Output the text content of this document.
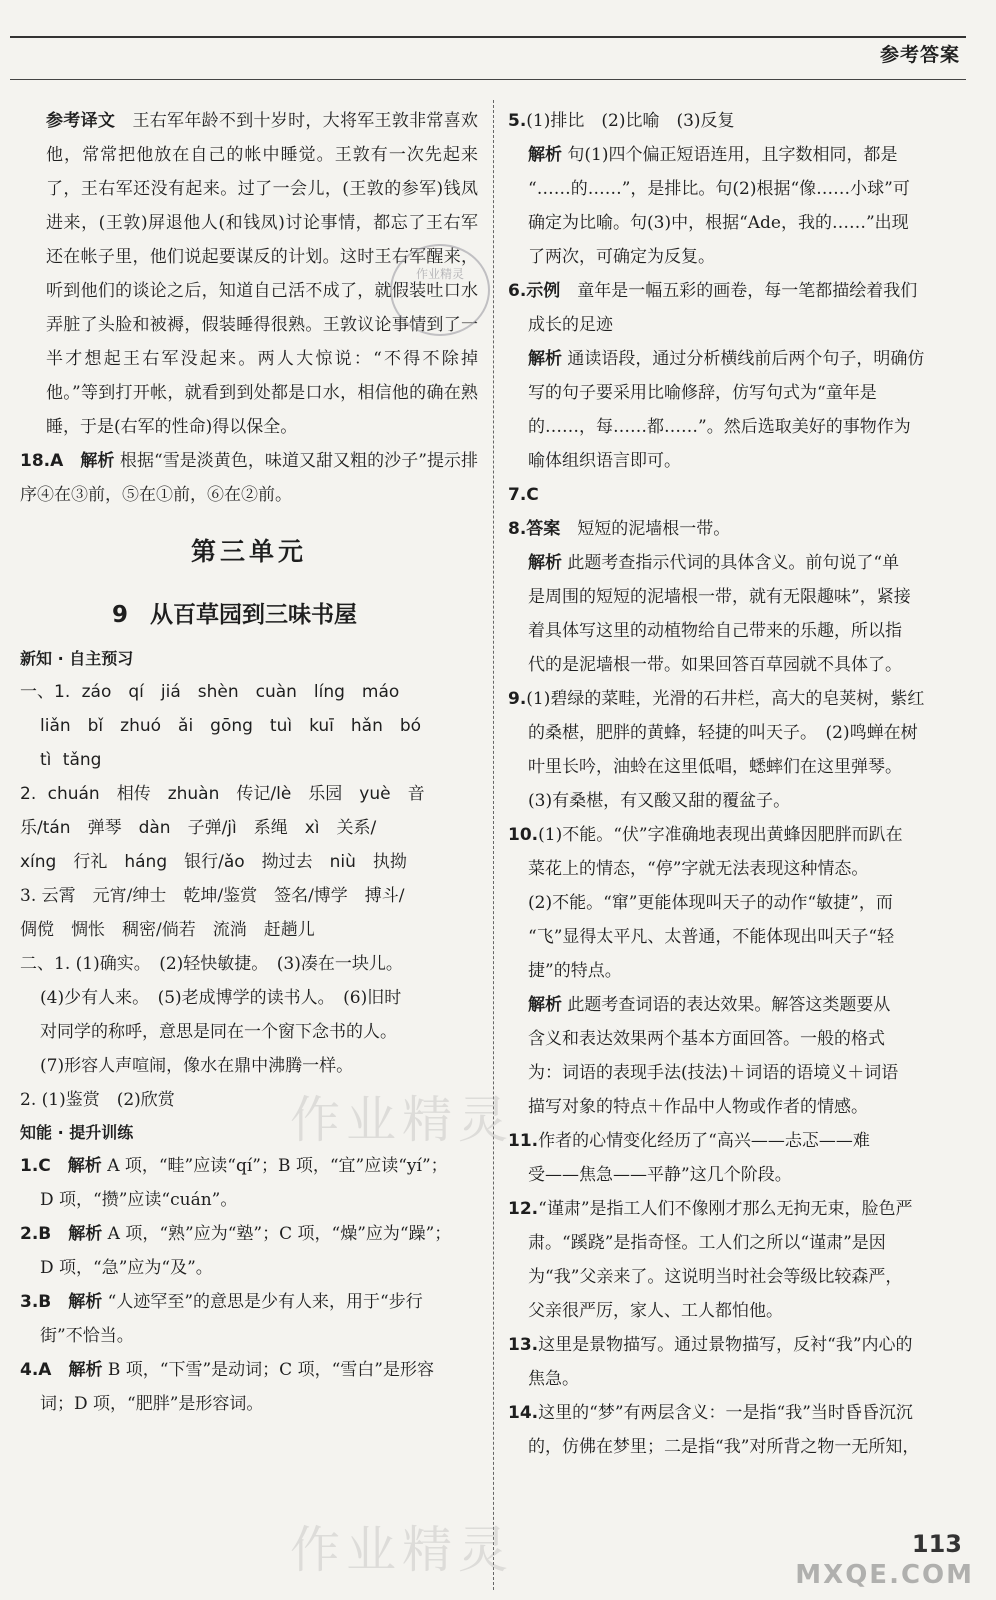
参考答案

参考译文　 王右军年龄不到十岁时，大将军王敦非常喜欢他，常常把他放在自己的帐中睡觉。王敦有一次先起来了，王右军还没有起来。过了一会儿，(王敦的参军)钱凤进来，(王敦)屏退他人(和钱凤)讨论事情，都忘了王右军还在帐子里，他们说起要谋反的计划。这时王右军醒来，听到他们的谈论之后，知道自己活不成了，就假装吐口水弄脏了头脸和被褥，假装睡得很熟。王敦议论事情到了一半才想起王右军没起来。两人大惊说：“不得不除掉他。”等到打开帐，就看到到处都是口水，相信他的确在熟睡，于是(右军的性命)得以保全。

18.A　 解析 根据“雪是淡黄色，味道又甜又粗的沙子”提示排序④在③前，⑤在①前，⑥在②前。

第三单元
9 从百草园到三味书屋
新知 · 自主预习
一、1. záo　qí　jiá　shèn　cuàn　líng　máo
liǎn　bǐ　zhuó　ǎi　gōng　tuì　kuī　hǎn　bó
tì tǎng
2. chuán　相传　zhuàn　传记/lè　乐园　yuè　音
乐/tán　弹琴　dàn　子弹/jì　系绳　xì　关系/
xíng　行礼　háng　银行/ǎo　拗过去　niù　执拗
3. 云霄　元宵/绅士　乾坤/鉴赏　签名/博学　搏斗/
倜傥　惆怅　稠密/倘若　流淌　赶趟儿
二、1. (1)确实。　(2)轻快敏捷。　(3)凑在一块儿。
(4)少有人来。　(5)老成博学的读书人。　(6)旧时
对同学的称呼，意思是同在一个窗下念书的人。
(7)形容人声喧闹，像水在鼎中沸腾一样。
2. (1)鉴赏　(2)欣赏
知能 · 提升训练
1.C　 解析 A 项，“畦”应读“qí”；B 项，“宜”应读“yí”；
D 项，“攒”应读“cuán”。
2.B　 解析 A 项，“熟”应为“塾”；C 项，“燥”应为“躁”；
D 项，“急”应为“及”。
3.B　 解析 “人迹罕至”的意思是少有人来，用于“步行
街”不恰当。
4.A　 解析 B 项，“下雪”是动词；C 项，“雪白”是形容
词；D 项，“肥胖”是形容词。
5.(1)排比　(2)比喻　(3)反复
解析 句(1)四个偏正短语连用，且字数相同，都是
“……的……”，是排比。句(2)根据“像……小球”可
确定为比喻。句(3)中，根据“Ade，我的……”出现
了两次，可确定为反复。
6.示例　 童年是一幅五彩的画卷，每一笔都描绘着我们
成长的足迹
解析 通读语段，通过分析横线前后两个句子，明确仿
写的句子要采用比喻修辞，仿写句式为“童年是
的……，每……都……”。然后选取美好的事物作为
喻体组织语言即可。
7.C
8.答案　 短短的泥墙根一带。
解析 此题考查指示代词的具体含义。前句说了“单
是周围的短短的泥墙根一带，就有无限趣味”，紧接
着具体写这里的动植物给自己带来的乐趣，所以指
代的是泥墙根一带。如果回答百草园就不具体了。
9.(1)碧绿的菜畦，光滑的石井栏，高大的皂荚树，紫红
的桑椹，肥胖的黄蜂，轻捷的叫天子。　(2)鸣蝉在树
叶里长吟，油蛉在这里低唱，蟋蟀们在这里弹琴。
(3)有桑椹，有又酸又甜的覆盆子。
10.(1)不能。“伏”字准确地表现出黄蜂因肥胖而趴在
菜花上的情态，“停”字就无法表现这种情态。
(2)不能。“窜”更能体现叫天子的动作“敏捷”，而
“飞”显得太平凡、太普通，不能体现出叫天子“轻
捷”的特点。
解析 此题考查词语的表达效果。解答这类题要从
含义和表达效果两个基本方面回答。一般的格式
为：词语的表现手法(技法)＋词语的语境义＋词语
描写对象的特点＋作品中人物或作者的情感。
11.作者的心情变化经历了“高兴——忐忑——难
受——焦急——平静”这几个阶段。
12.“谨肃”是指工人们不像刚才那么无拘无束，脸色严
肃。“蹊跷”是指奇怪。工人们之所以“谨肃”是因
为“我”父亲来了。这说明当时社会等级比较森严，
父亲很严厉，家人、工人都怕他。
13.这里是景物描写。通过景物描写，反衬“我”内心的
焦急。
14.这里的“梦”有两层含义：一是指“我”当时昏昏沉沉
的，仿佛在梦里；二是指“我”对所背之物一无所知，
作业精灵
作业精灵
作业精灵	113
MXQE.COM
